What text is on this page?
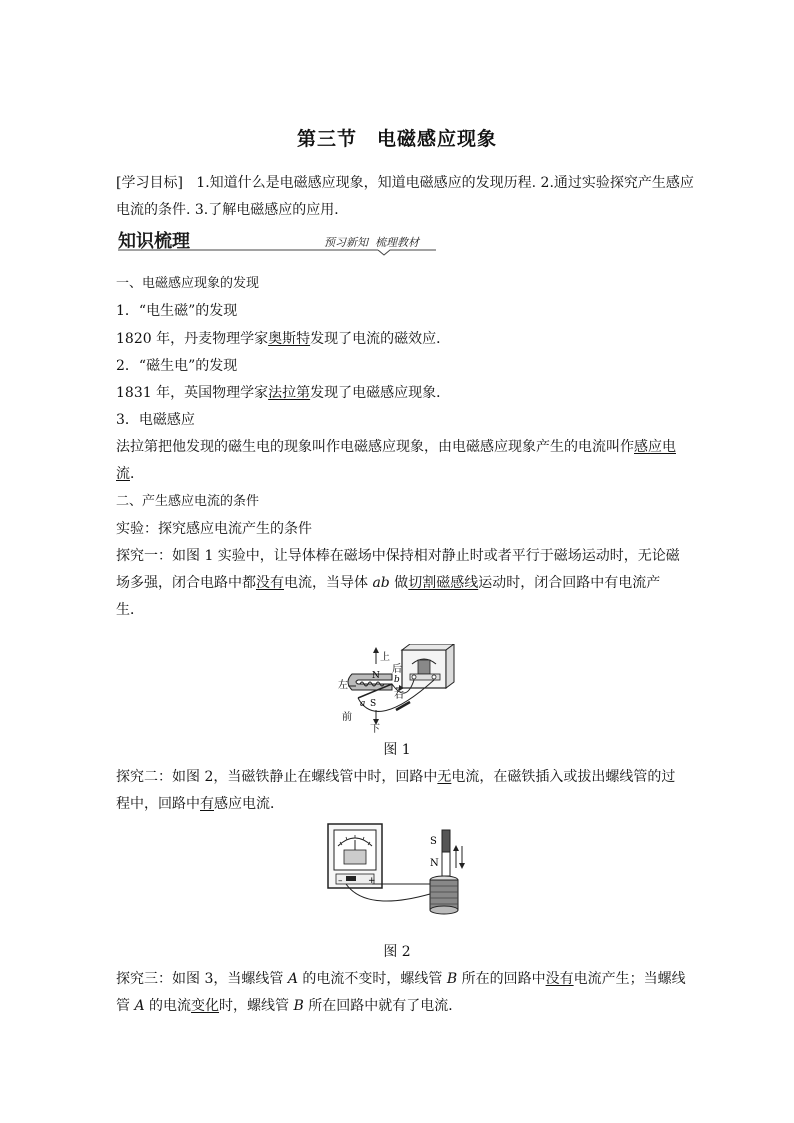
第三节　电磁感应现象
[学习目标] 1.知道什么是电磁感应现象，知道电磁感应的发现历程. 2.通过实验探究产生感应
电流的条件. 3.了解电磁感应的应用．
知识梳理	预习新知 梳理教材
一、电磁感应现象的发现
1．“电生磁”的发现
1820 年，丹麦物理学家奥斯特发现了电流的磁效应．
2．“磁生电”的发现
1831 年，英国物理学家法拉第发现了电磁感应现象．
3．电磁感应
法拉第把他发现的磁生电的现象叫作电磁感应现象，由电磁感应现象产生的电流叫作感应电
流．
二、产生感应电流的条件
实验：探究感应电流产生的条件
探究一：如图 1 实验中，让导体棒在磁场中保持相对静止时或者平行于磁场运动时，无论磁
场多强，闭合电路中都没有电流，当导体 ab 做切割磁感线运动时，闭合回路中有电流产
生．
上
下
左
右
前
后
N
S
a
b
图 1
探究二：如图 2，当磁铁静止在螺线管中时，回路中无电流，在磁铁插入或拔出螺线管的过
程中，回路中有感应电流．
–	+
S
N
图 2
探究三：如图 3，当螺线管 A 的电流不变时，螺线管 B 所在的回路中没有电流产生；当螺线
管 A 的电流变化时，螺线管 B 所在回路中就有了电流．
